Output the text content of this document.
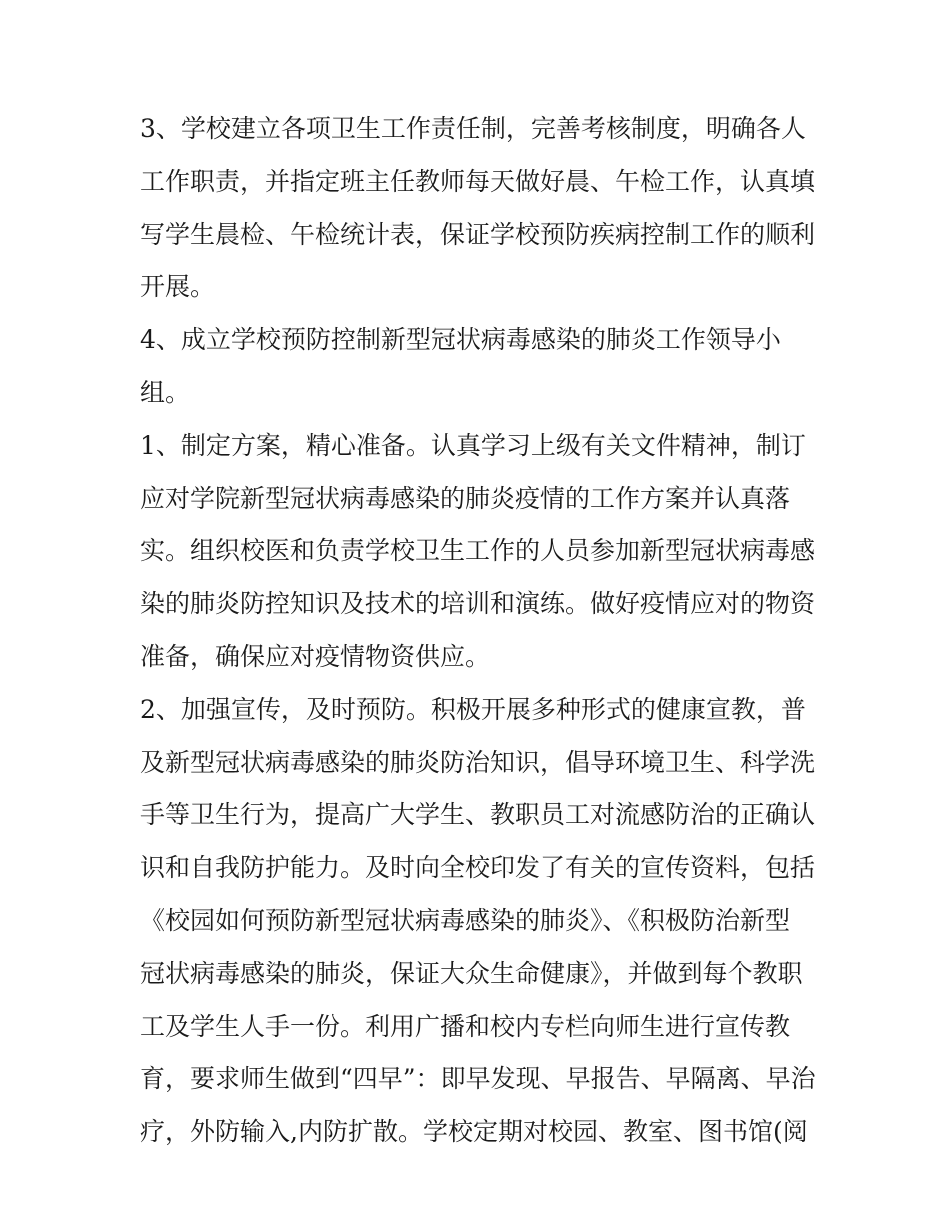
3、学校建立各项卫生工作责任制，完善考核制度，明确各人
工作职责，并指定班主任教师每天做好晨、午检工作，认真填
写学生晨检、午检统计表，保证学校预防疾病控制工作的顺利
开展。
4、成立学校预防控制新型冠状病毒感染的肺炎工作领导小
组。
1、制定方案，精心准备。认真学习上级有关文件精神，制订
应对学院新型冠状病毒感染的肺炎疫情的工作方案并认真落
实。组织校医和负责学校卫生工作的人员参加新型冠状病毒感
染的肺炎防控知识及技术的培训和演练。做好疫情应对的物资
准备，确保应对疫情物资供应。
2、加强宣传，及时预防。积极开展多种形式的健康宣教，普
及新型冠状病毒感染的肺炎防治知识，倡导环境卫生、科学洗
手等卫生行为，提高广大学生、教职员工对流感防治的正确认
识和自我防护能力。及时向全校印发了有关的宣传资料，包括
《校园如何预防新型冠状病毒感染的肺炎》、《积极防治新型
冠状病毒感染的肺炎，保证大众生命健康》，并做到每个教职
工及学生人手一份。利用广播和校内专栏向师生进行宣传教
育，要求师生做到“四早”：即早发现、早报告、早隔离、早治
疗，外防输入,内防扩散。学校定期对校园、教室、图书馆(阅
